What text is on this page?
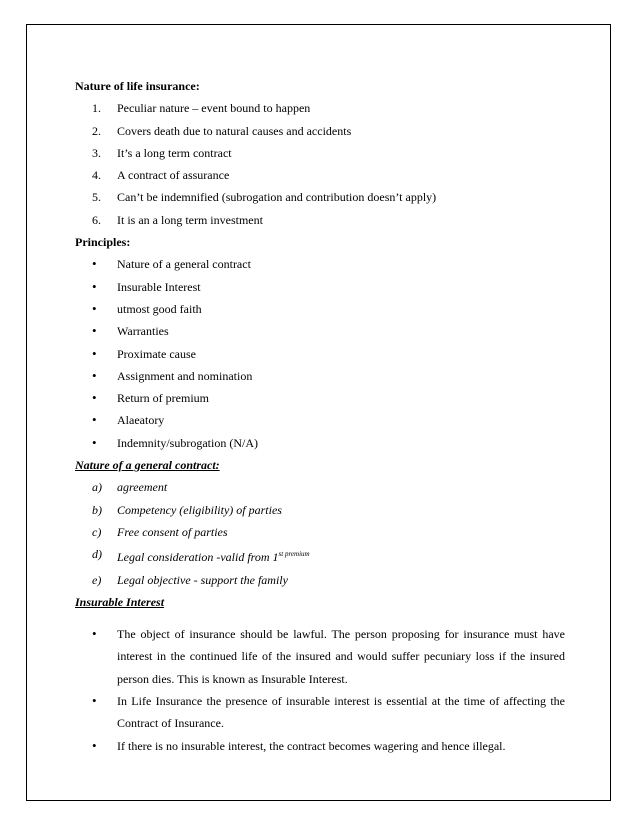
Nature of life insurance:

1. Peculiar nature – event bound to happen
2. Covers death due to natural causes and accidents
3. It’s a long term contract
4. A contract of assurance
5. Can’t be indemnified (subrogation and contribution doesn’t apply)
6. It is an a long term investment

Principles:

• Nature of a general contract
• Insurable Interest
• utmost good faith
• Warranties
• Proximate cause
• Assignment and nomination
• Return of premium
• Alaeatory
• Indemnity/subrogation (N/A)

Nature of a general contract:

a) agreement
b) Competency (eligibility) of parties
c) Free consent of parties
d) Legal consideration -valid from $1^{st premium}$
e) Legal objective - support the family

Insurable Interest

• The object of insurance should be lawful. The person proposing for insurance must have interest in the continued life of the insured and would suffer pecuniary loss if the insured person dies. This is known as Insurable Interest.
• In Life Insurance the presence of insurable interest is essential at the time of affecting the Contract of Insurance.
• If there is no insurable interest, the contract becomes wagering and hence illegal.
